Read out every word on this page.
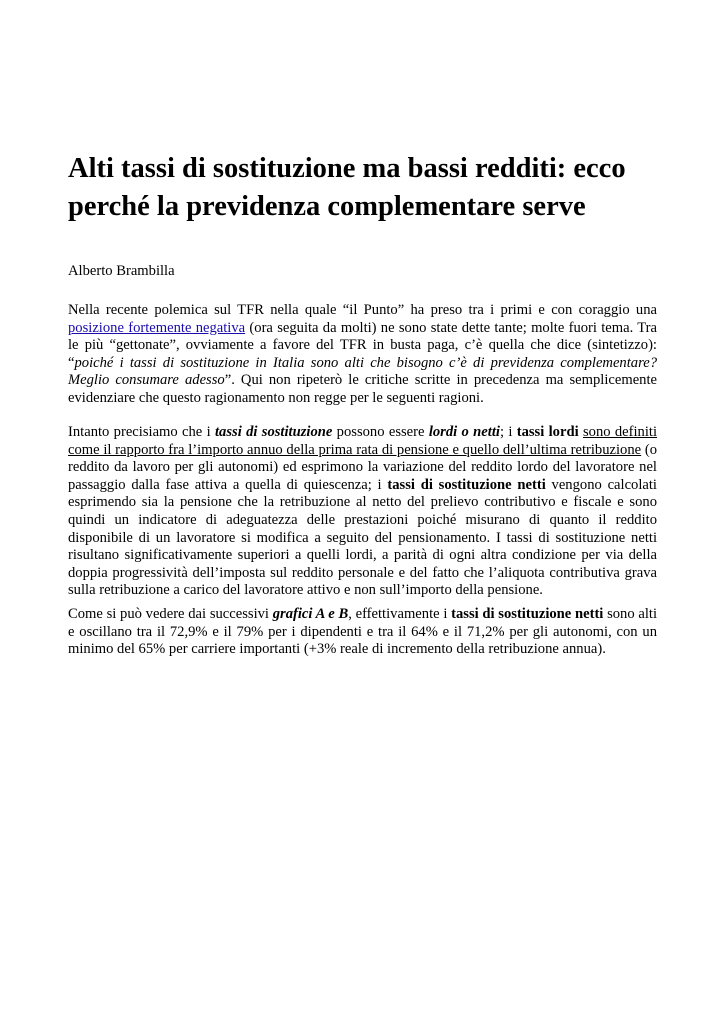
Alti tassi di sostituzione ma bassi redditi: ecco perché la previdenza complementare serve
Alberto Brambilla

Nella recente polemica sul TFR nella quale “il Punto” ha preso tra i primi e con coraggio una posizione fortemente negativa (ora seguita da molti) ne sono state dette tante; molte fuori tema. Tra le più “gettonate”, ovviamente a favore del TFR in busta paga, c’è quella che dice (sintetizzo): “poiché i tassi di sostituzione in Italia sono alti che bisogno c’è di previdenza complementare? Meglio consumare adesso”. Qui non ripeterò le critiche scritte in precedenza ma semplicemente evidenziare che questo ragionamento non regge per le seguenti ragioni.

Intanto precisiamo che i tassi di sostituzione possono essere lordi o netti; i tassi lordi sono definiti come il rapporto fra l’importo annuo della prima rata di pensione e quello dell’ultima retribuzione (o reddito da lavoro per gli autonomi) ed esprimono la variazione del reddito lordo del lavoratore nel passaggio dalla fase attiva a quella di quiescenza; i tassi di sostituzione netti vengono calcolati esprimendo sia la pensione che la retribuzione al netto del prelievo contributivo e fiscale e sono quindi un indicatore di adeguatezza delle prestazioni poiché misurano di quanto il reddito disponibile di un lavoratore si modifica a seguito del pensionamento. I tassi di sostituzione netti risultano significativamente superiori a quelli lordi, a parità di ogni altra condizione per via della doppia progressività dell’imposta sul reddito personale e del fatto che l’aliquota contributiva grava sulla retribuzione a carico del lavoratore attivo e non sull’importo della pensione.

Come si può vedere dai successivi grafici A e B, effettivamente i tassi di sostituzione netti sono alti e oscillano tra il 72,9% e il 79% per i dipendenti e tra il 64% e il 71,2% per gli autonomi, con un minimo del 65% per carriere importanti (+3% reale di incremento della retribuzione annua).
